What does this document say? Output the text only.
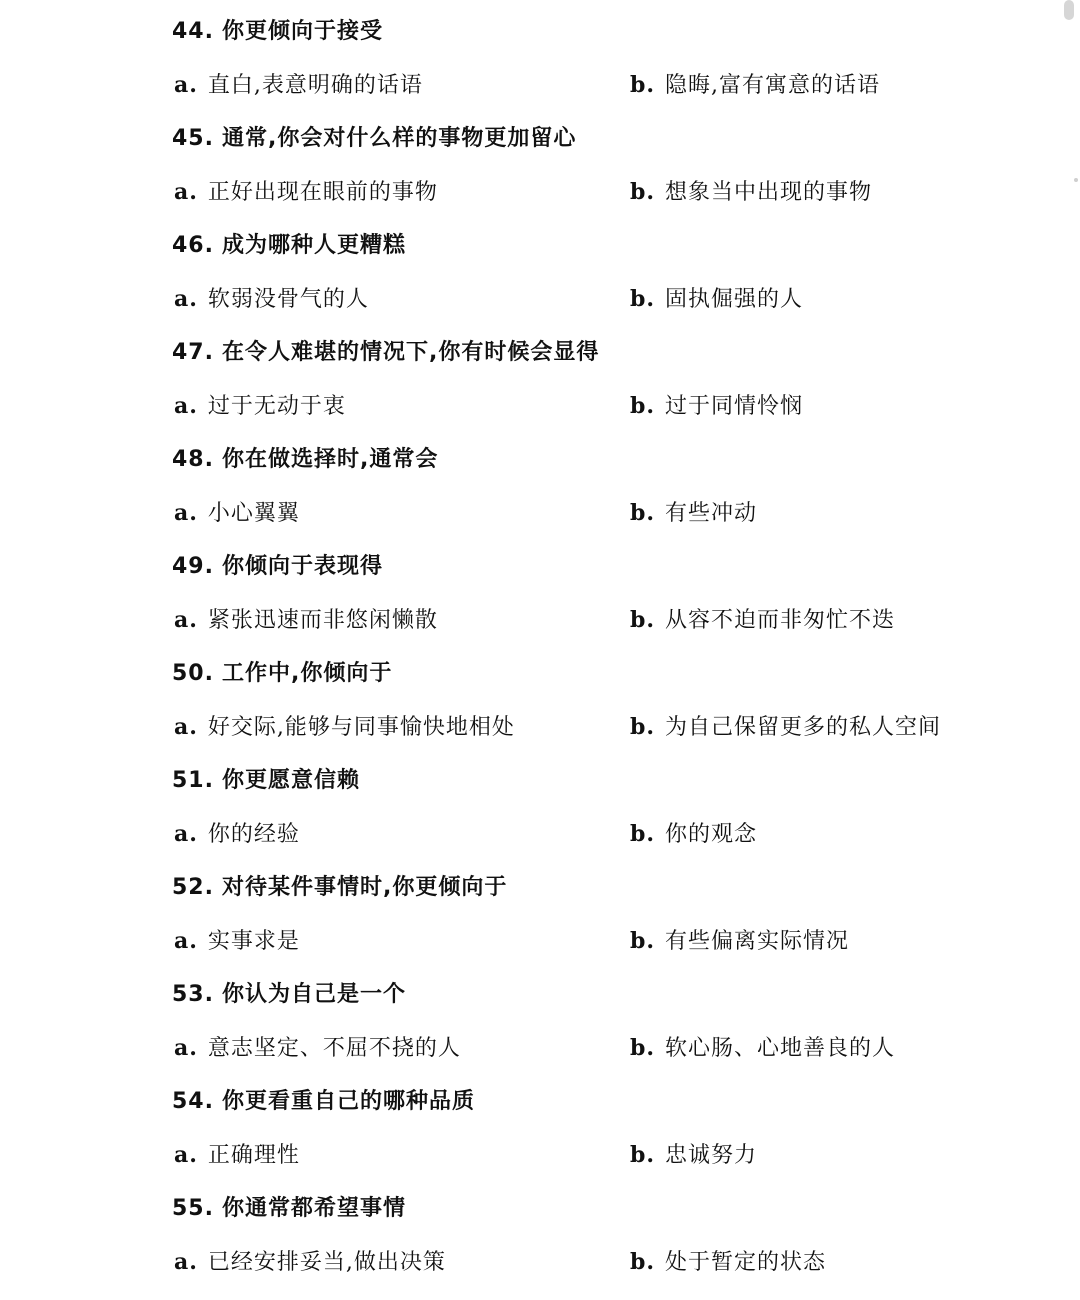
44. 你更倾向于接受
a. 直白,表意明确的话语	b. 隐晦,富有寓意的话语
45. 通常,你会对什么样的事物更加留心
a. 正好出现在眼前的事物	b. 想象当中出现的事物
46. 成为哪种人更糟糕
a. 软弱没骨气的人	b. 固执倔强的人
47. 在令人难堪的情况下,你有时候会显得
a. 过于无动于衷	b. 过于同情怜悯
48. 你在做选择时,通常会
a. 小心翼翼	b. 有些冲动
49. 你倾向于表现得
a. 紧张迅速而非悠闲懒散	b. 从容不迫而非匆忙不迭
50. 工作中,你倾向于
a. 好交际,能够与同事愉快地相处	b. 为自己保留更多的私人空间
51. 你更愿意信赖
a. 你的经验	b. 你的观念
52. 对待某件事情时,你更倾向于
a. 实事求是	b. 有些偏离实际情况
53. 你认为自己是一个
a. 意志坚定、不屈不挠的人	b. 软心肠、心地善良的人
54. 你更看重自己的哪种品质
a. 正确理性	b. 忠诚努力
55. 你通常都希望事情
a. 已经安排妥当,做出决策	b. 处于暂定的状态
